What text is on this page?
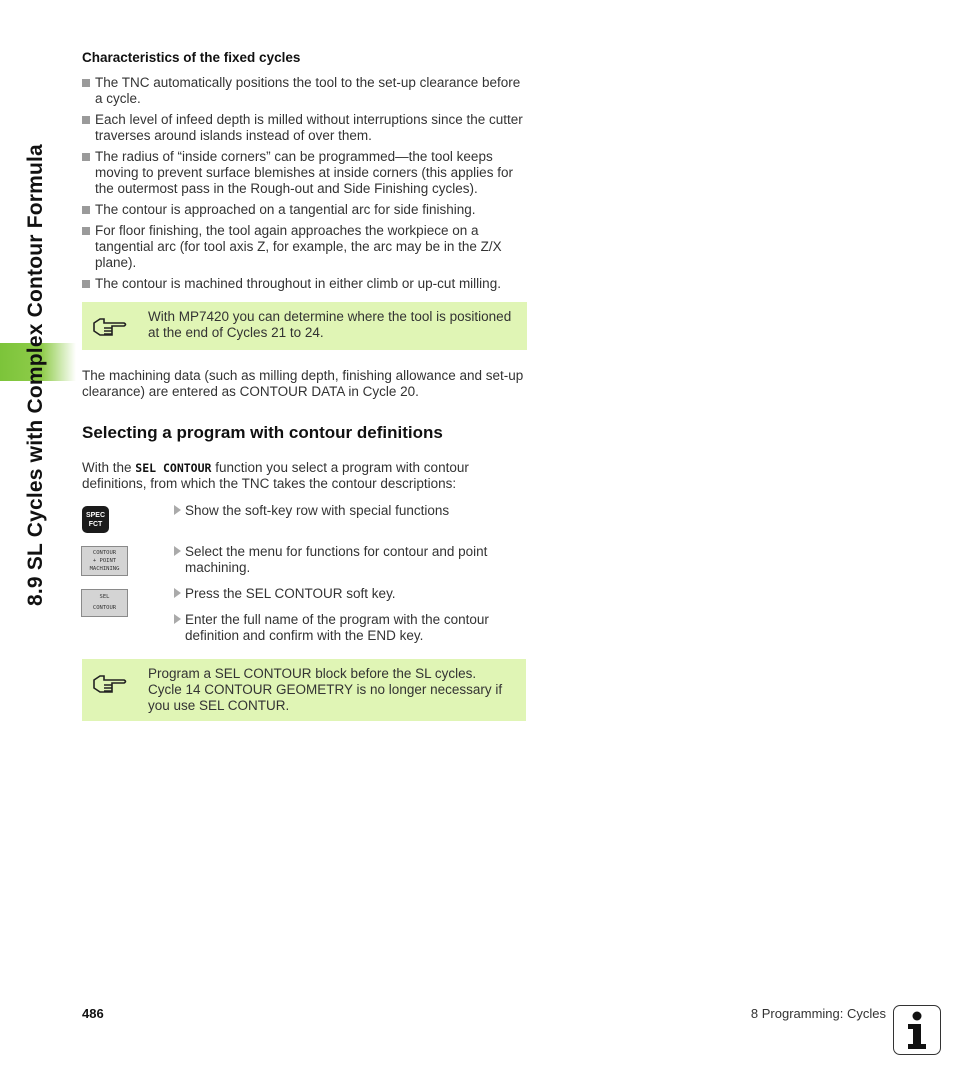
8.9 SL Cycles with Complex Contour Formula
Characteristics of the fixed cycles
The TNC automatically positions the tool to the set-up clearance before a cycle.
Each level of infeed depth is milled without interruptions since the cutter traverses around islands instead of over them.
The radius of “inside corners” can be programmed—the tool keeps moving to prevent surface blemishes at inside corners (this applies for the outermost pass in the Rough-out and Side Finishing cycles).
The contour is approached on a tangential arc for side finishing.
For floor finishing, the tool again approaches the workpiece on a tangential arc (for tool axis Z, for example, the arc may be in the Z/X plane).
The contour is machined throughout in either climb or up-cut milling.
With MP7420 you can determine where the tool is positioned at the end of Cycles 21 to 24.

The machining data (such as milling depth, finishing allowance and set-up clearance) are entered as CONTOUR DATA in Cycle 20.

Selecting a program with contour definitions

With the SEL CONTOUR function you select a program with contour definitions, from which the TNC takes the contour descriptions:

SPEC
FCT
CONTOUR
+ POINT
MACHINING
SEL
CONTOUR
Show the soft-key row with special functions
Select the menu for functions for contour and point
machining.
Press the SEL CONTOUR soft key.
Enter the full name of the program with the contour
definition and confirm with the END key.
Program a SEL CONTOUR block before the SL cycles.
Cycle 14 CONTOUR GEOMETRY is no longer necessary if
you use SEL CONTUR.
486	8 Programming: Cycles
